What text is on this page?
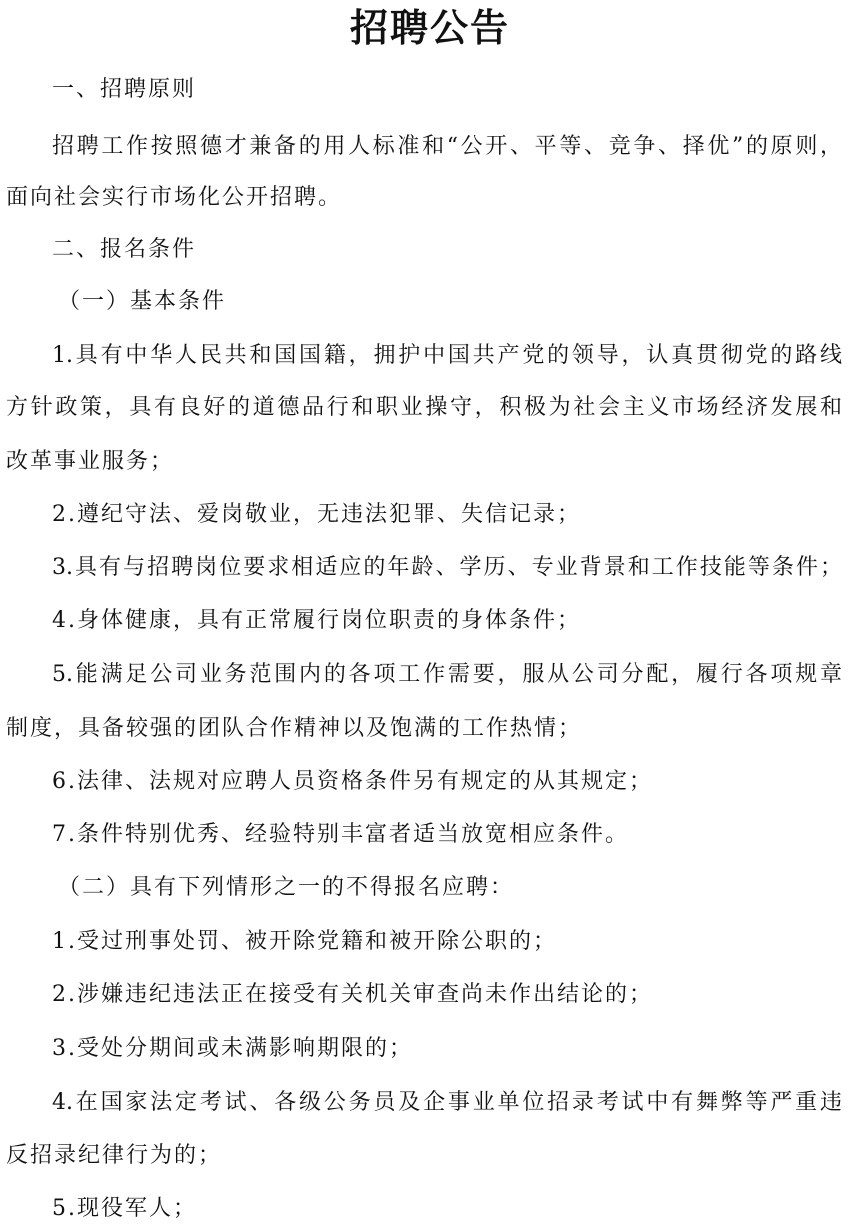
招聘公告
一、招聘原则
招聘工作按照德才兼备的用人标准和“公开、平等、竞争、择优”的原则，
面向社会实行市场化公开招聘。
二、报名条件
（一）基本条件
1.具有中华人民共和国国籍，拥护中国共产党的领导，认真贯彻党的路线
方针政策，具有良好的道德品行和职业操守，积极为社会主义市场经济发展和
改革事业服务；
2.遵纪守法、爱岗敬业，无违法犯罪、失信记录；
3.具有与招聘岗位要求相适应的年龄、学历、专业背景和工作技能等条件；
4.身体健康，具有正常履行岗位职责的身体条件；
5.能满足公司业务范围内的各项工作需要，服从公司分配，履行各项规章
制度，具备较强的团队合作精神以及饱满的工作热情；
6.法律、法规对应聘人员资格条件另有规定的从其规定；
7.条件特别优秀、经验特别丰富者适当放宽相应条件。
（二）具有下列情形之一的不得报名应聘：
1.受过刑事处罚、被开除党籍和被开除公职的；
2.涉嫌违纪违法正在接受有关机关审查尚未作出结论的；
3.受处分期间或未满影响期限的；
4.在国家法定考试、各级公务员及企事业单位招录考试中有舞弊等严重违
反招录纪律行为的；
5.现役军人；
